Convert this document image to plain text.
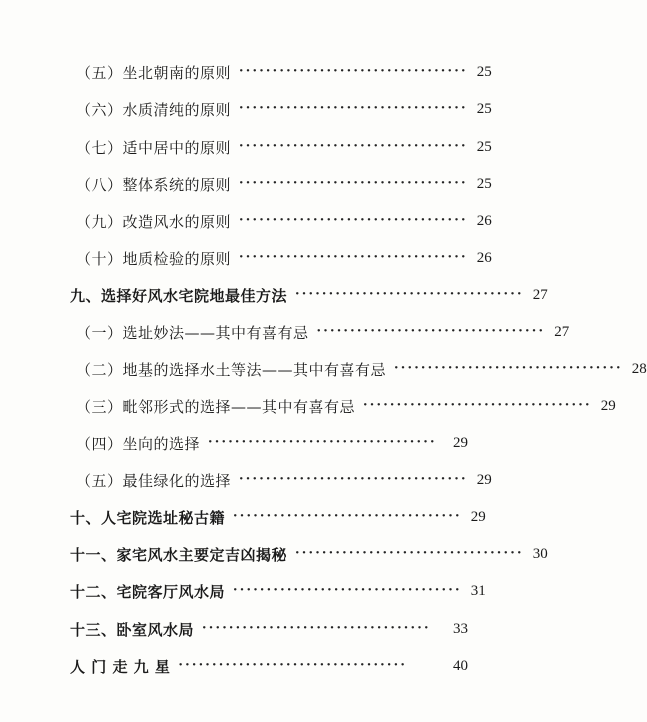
（五）坐北朝南的原则 ·································· 25
（六）水质清纯的原则 ·································· 25
（七）适中居中的原则 ·································· 25
（八）整体系统的原则 ·································· 25
（九）改造风水的原则 ·································· 26
（十）地质检验的原则 ·································· 26
九、选择好风水宅院地最佳方法 ·································· 27
（一）选址妙法——其中有喜有忌 ·································· 27
（二）地基的选择水土等法——其中有喜有忌 ·································· 28
（三）毗邻形式的选择——其中有喜有忌 ·································· 29
（四）坐向的选择 ··································	29
（五）最佳绿化的选择 ·································· 29
十、人宅院选址秘古籍 ·································· 29
十一、家宅风水主要定吉凶揭秘 ·································· 30
十二、宅院客厅风水局 ·································· 31
十三、卧室风水局 ··································	33
人 门 走 九 星 ··································	40
